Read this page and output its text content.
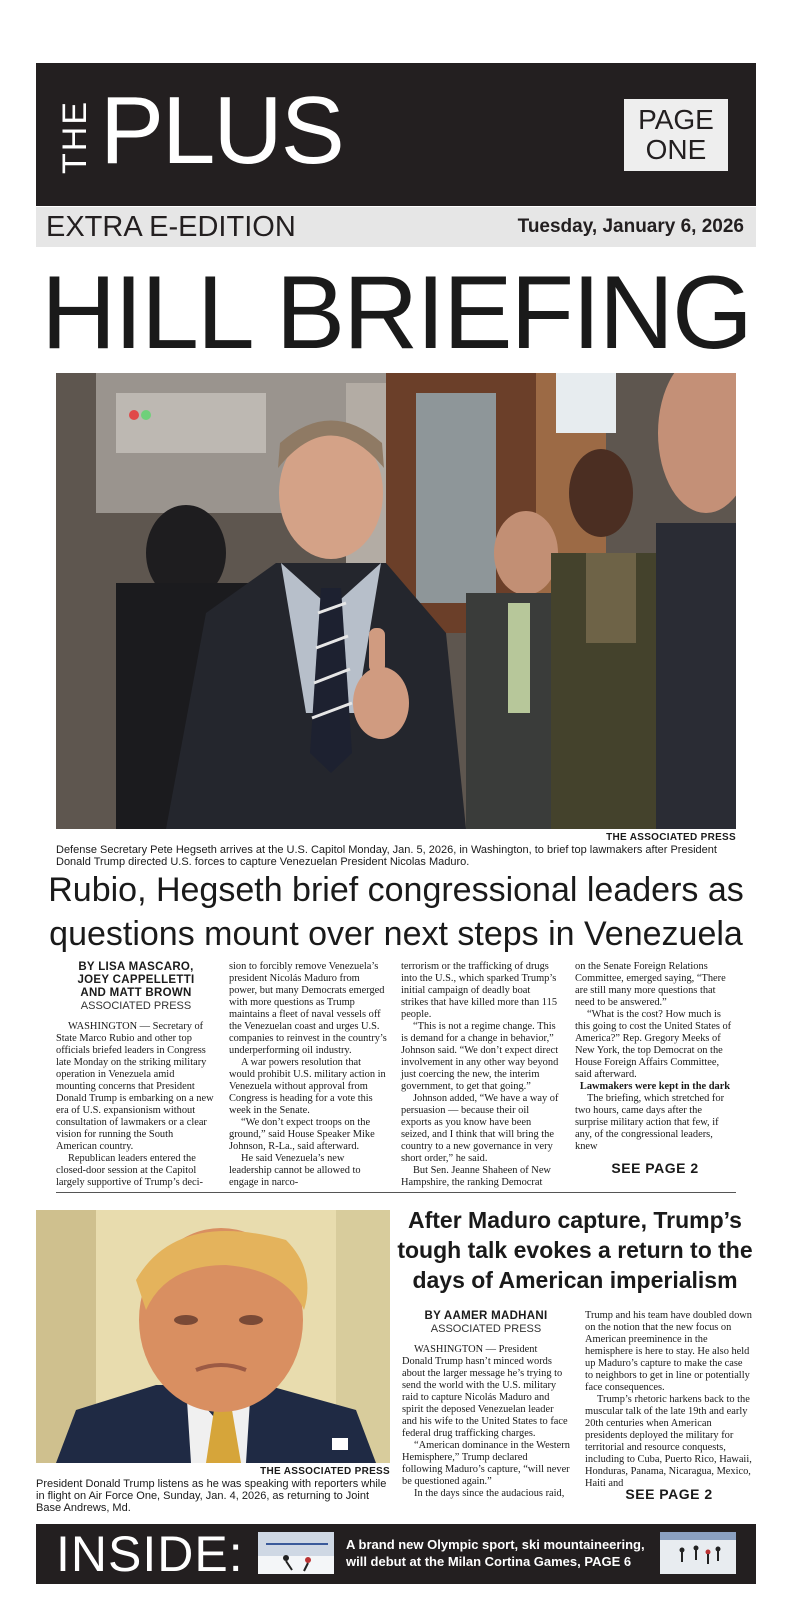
THE PLUS	PAGE
ONE
EXTRA E-EDITION	Tuesday, January 6, 2026
HILL BRIEFING
THE ASSOCIATED PRESS
Defense Secretary Pete Hegseth arrives at the U.S. Capitol Monday, Jan. 5, 2026, in Washington, to brief top lawmakers after President Donald Trump directed U.S. forces to capture Venezuelan President Nicolas Maduro.
Rubio, Hegseth brief congressional leaders as
questions mount over next steps in Venezuela
BY LISA MASCARO,
JOEY CAPPELLETTI
AND MATT BROWN
ASSOCIATED PRESS

WASHINGTON — Secretary of State Marco Rubio and other top officials briefed leaders in Congress late Monday on the striking military operation in Venezuela amid mounting concerns that President Donald Trump is embarking on a new era of U.S. expansionism without consultation of lawmakers or a clear vision for running the South American country.

Republican leaders entered the closed-door session at the Capitol largely supportive of Trump’s deci-

sion to forcibly remove Venezuela’s president Nicolás Maduro from power, but many Democrats emerged with more questions as Trump maintains a fleet of naval vessels off the Venezuelan coast and urges U.S. companies to reinvest in the country’s underperforming oil industry.

A war powers resolution that would prohibit U.S. military action in Venezuela without approval from Congress is heading for a vote this week in the Senate.

“We don’t expect troops on the ground,” said House Speaker Mike Johnson, R-La., said afterward.

He said Venezuela’s new leadership cannot be allowed to engage in narco-

terrorism or the trafficking of drugs into the U.S., which sparked Trump’s initial campaign of deadly boat strikes that have killed more than 115 people.

“This is not a regime change. This is demand for a change in behavior,” Johnson said. “We don’t expect direct involvement in any other way beyond just coercing the new, the interim government, to get that going.”

Johnson added, “We have a way of persuasion — because their oil exports as you know have been seized, and I think that will bring the country to a new governance in very short order,” he said.

But Sen. Jeanne Shaheen of New Hampshire, the ranking Democrat

on the Senate Foreign Relations Committee, emerged saying, “There are still many more questions that need to be answered.”

“What is the cost? How much is this going to cost the United States of America?” Rep. Gregory Meeks of New York, the top Democrat on the House Foreign Affairs Committee, said afterward.

Lawmakers were kept in the dark

The briefing, which stretched for two hours, came days after the surprise military action that few, if any, of the congressional leaders, knew

SEE PAGE 2
THE ASSOCIATED PRESS
President Donald Trump listens as he was speaking with reporters while in flight on Air Force One, Sunday, Jan. 4, 2026, as returning to Joint Base Andrews, Md.
After Maduro capture, Trump’s
tough talk evokes a return to the
days of American imperialism
BY AAMER MADHANI
ASSOCIATED PRESS

WASHINGTON — President Donald Trump hasn’t minced words about the larger message he’s trying to send the world with the U.S. military raid to capture Nicolás Maduro and spirit the deposed Venezuelan leader and his wife to the United States to face federal drug trafficking charges.

“American dominance in the Western Hemisphere,” Trump declared following Maduro’s capture, “will never be questioned again.”

In the days since the audacious raid,

Trump and his team have doubled down on the notion that the new focus on American preeminence in the hemisphere is here to stay. He also held up Maduro’s capture to make the case to neighbors to get in line or potentially face consequences.

Trump’s rhetoric harkens back to the muscular talk of the late 19th and early 20th centuries when American presidents deployed the military for territorial and resource conquests, including to Cuba, Puerto Rico, Hawaii, Honduras, Panama, Nicaragua, Mexico, Haiti and

SEE PAGE 2
INSIDE:	A brand new Olympic sport, ski mountaineering, will debut at the Milan Cortina Games, PAGE 6
